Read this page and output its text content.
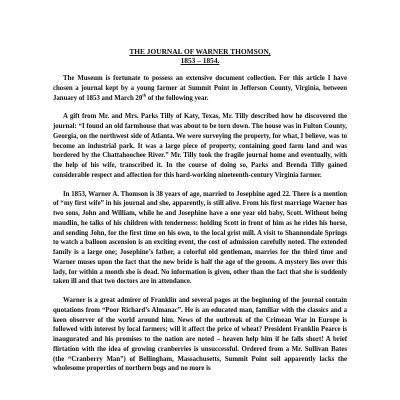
THE JOURNAL OF WARNER THOMSON,
1853 – 1854.

The Museum is fortunate to possess an extensive document collection. For this article I have chosen a journal kept by a young farmer at Summit Point in Jefferson County, Virginia, between January of 1853 and March 20th of the following year.

A gift from Mr. and Mrs. Parks Tilly of Katy, Texas, Mr. Tilly described how he discovered the journal: “I found an old farmhouse that was about to be torn down. The house was in Fulton County, Georgia, on the northwest side of Atlanta. We were surveying the property, for what, I believe, was to become an industrial park. It was a large piece of property, containing good farm land and was bordered by the Chattahoochee River.” Mr. Tilly took the fragile journal home and eventually, with the help of his wife, transcribed it. In the course of doing so, Parks and Brenda Tilly gained considerable respect and affection for this hard-working nineteenth-century Virginia farmer.

In 1853, Warner A. Thomson is 38 years of age, married to Josephine aged 22. There is a mention of “my first wife” in his journal and she, apparently, is still alive. From his first marriage Warner has two sons, John and William, while he and Josephine have a one year old baby, Scott. Without being maudlin, he talks of his children with tenderness: holding Scott in front of him as he rides his horse, and sending John, for the first time on his own, to the local grist mill. A visit to Shannondale Springs to watch a balloon ascension is an exciting event, the cost of admission carefully noted. The extended family is a large one; Josephine’s father, a colorful old gentleman, marries for the third time and Warner muses upon the fact that the new bride is half the age of the groom. A mystery lies over this lady, for within a month she is dead. No information is given, other than the fact that she is suddenly taken ill and that two doctors are in attendance.

Warner is a great admirer of Franklin and several pages at the beginning of the journal contain quotations from “Poor Richard’s Almanac”. He is an educated man, familiar with the classics and a keen observer of the world around him. News of the outbreak of the Crimean War in Europe is followed with interest by local farmers; will it affect the price of wheat? President Franklin Pearce is inaugurated and his promises to the nation are noted – heaven help him if he falls short! A brief flirtation with the idea of growing cranberries is unsuccessful. Ordered from a Mr. Sullivan Bates (the “Cranberry Man”) of Bellingham, Massachusetts, Summit Point soil apparently lacks the wholesome properties of northern bogs and no more is
